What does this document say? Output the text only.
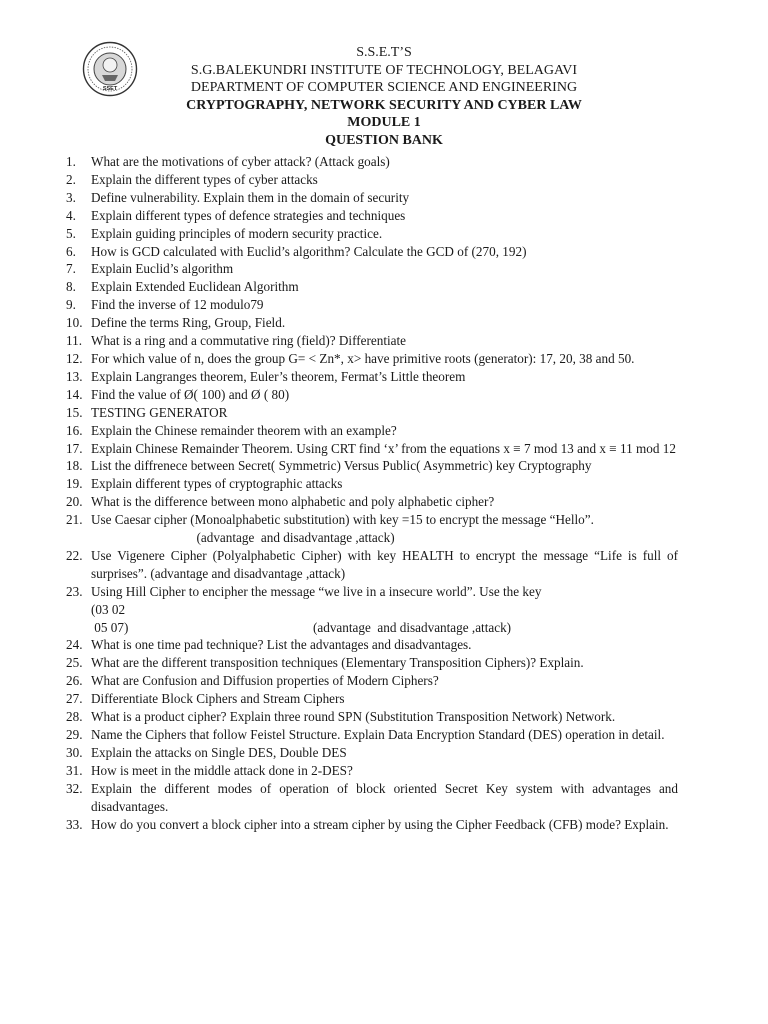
SSET
S.S.E.T’S
S.G.BALEKUNDRI INSTITUTE OF TECHNOLOGY, BELAGAVI
DEPARTMENT OF COMPUTER SCIENCE AND ENGINEERING
CRYPTOGRAPHY, NETWORK SECURITY AND CYBER LAW
MODULE 1
QUESTION BANK
1.	What are the motivations of cyber attack? (Attack goals)
2.	Explain the different types of cyber attacks
3.	Define vulnerability. Explain them in the domain of security
4.	Explain different types of defence strategies and techniques
5.	Explain guiding principles of modern security practice.
6.	How is GCD calculated with Euclid’s algorithm? Calculate the GCD of (270, 192)
7.	Explain Euclid’s algorithm
8.	Explain Extended Euclidean Algorithm
9.	Find the inverse of 12 modulo79
10. Define the terms Ring, Group, Field.
11. What is a ring and a commutative ring (field)? Differentiate
12. For which value of n, does the group G= < Zn*, x> have primitive roots (generator): 17, 20, 38 and 50.
13. Explain Langranges theorem, Euler’s theorem, Fermat’s Little theorem
14. Find the value of Ø( 100) and Ø ( 80)
15. TESTING GENERATOR
16. Explain the Chinese remainder theorem with an example?
17. Explain Chinese Remainder Theorem. Using CRT find ‘x’ from the equations x ≡ 7 mod 13 and x ≡ 11 mod 12
18. List the diffrenece between Secret( Symmetric) Versus Public( Asymmetric) key Cryptography
19. Explain different types of cryptographic attacks
20. What is the difference between mono alphabetic and poly alphabetic cipher?
21. Use Caesar cipher (Monoalphabetic substitution) with key =15 to encrypt the message “Hello”.
(advantage  and disadvantage ,attack)
22. Use Vigenere Cipher (Polyalphabetic Cipher) with key HEALTH to encrypt the message “Life is full of surprises”. (advantage and disadvantage ,attack)
23. Using Hill Cipher to encipher the message “we live in a insecure world”. Use the key
(03 02
05 07)                                                        (advantage  and disadvantage ,attack)
24. What is one time pad technique? List the advantages and disadvantages.
25. What are the different transposition techniques (Elementary Transposition Ciphers)? Explain.
26. What are Confusion and Diffusion properties of Modern Ciphers?
27. Differentiate Block Ciphers and Stream Ciphers
28. What is a product cipher? Explain three round SPN (Substitution Transposition Network) Network.
29. Name the Ciphers that follow Feistel Structure. Explain Data Encryption Standard (DES) operation in detail.
30. Explain the attacks on Single DES, Double DES
31. How is meet in the middle attack done in 2-DES?
32. Explain the different modes of operation of block oriented Secret Key system with advantages and disadvantages.
33. How do you convert a block cipher into a stream cipher by using the Cipher Feedback (CFB) mode? Explain.
